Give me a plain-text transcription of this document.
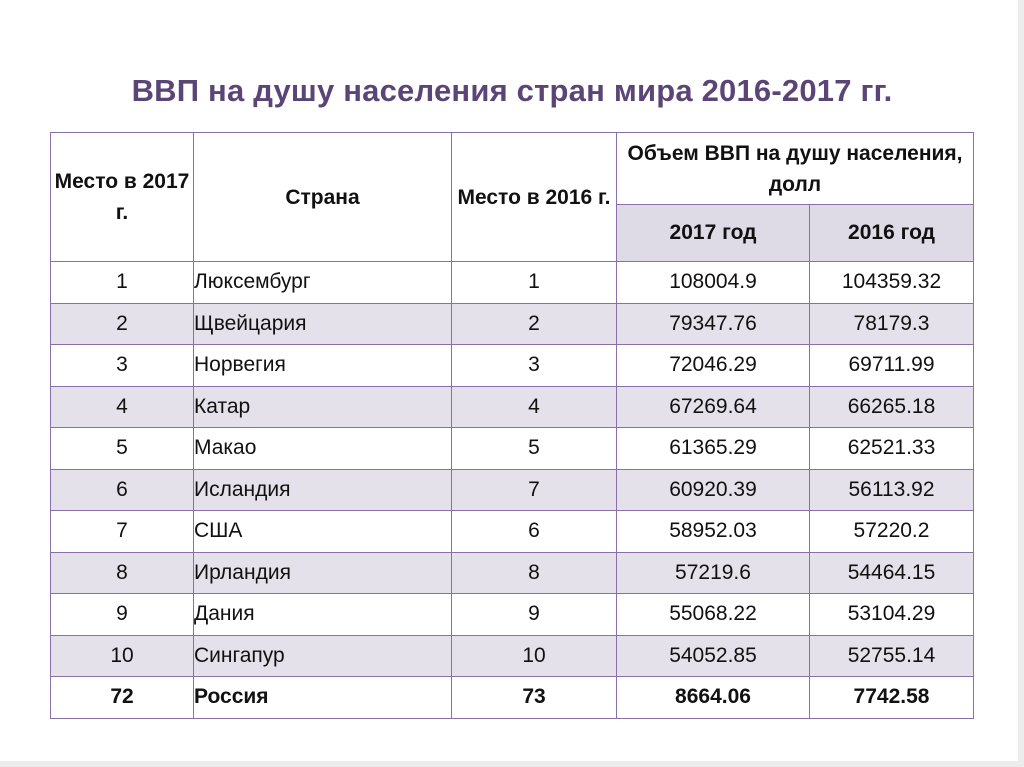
ВВП на душу населения стран мира 2016-2017 гг.
Место в 2017 г.	Страна	Место в 2016 г.	Объем ВВП на душу населения, долл	
			2017 год	2016 год
1	Люксембург	1	108004.9	104359.32
2	Щвейцария	2	79347.76	78179.3
3	Норвегия	3	72046.29	69711.99
4	Катар	4	67269.64	66265.18
5	Макао	5	61365.29	62521.33
6	Исландия	7	60920.39	56113.92
7	США	6	58952.03	57220.2
8	Ирландия	8	57219.6	54464.15
9	Дания	9	55068.22	53104.29
10	Сингапур	10	54052.85	52755.14
72	Россия	73	8664.06	7742.58
